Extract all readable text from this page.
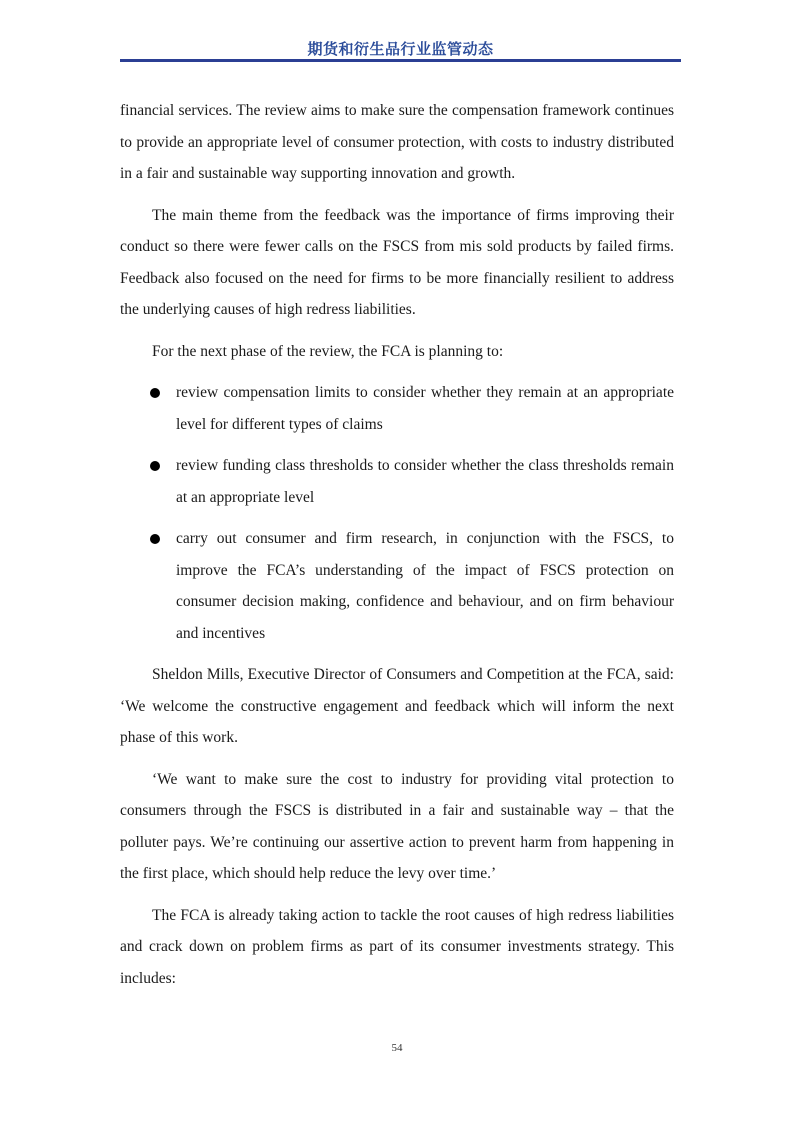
期货和衍生品行业监管动态

financial services. The review aims to make sure the compensation framework continues to provide an appropriate level of consumer protection, with costs to industry distributed in a fair and sustainable way supporting innovation and growth.

The main theme from the feedback was the importance of firms improving their conduct so there were fewer calls on the FSCS from mis sold products by failed firms. Feedback also focused on the need for firms to be more financially resilient to address the underlying causes of high redress liabilities.

For the next phase of the review, the FCA is planning to:

review compensation limits to consider whether they remain at an appropriate level for different types of claims
review funding class thresholds to consider whether the class thresholds remain at an appropriate level
carry out consumer and firm research, in conjunction with the FSCS, to improve the FCA’s understanding of the impact of FSCS protection on consumer decision making, confidence and behaviour, and on firm behaviour and incentives

Sheldon Mills, Executive Director of Consumers and Competition at the FCA, said: ‘We welcome the constructive engagement and feedback which will inform the next phase of this work.

‘We want to make sure the cost to industry for providing vital protection to consumers through the FSCS is distributed in a fair and sustainable way – that the polluter pays. We’re continuing our assertive action to prevent harm from happening in the first place, which should help reduce the levy over time.’

The FCA is already taking action to tackle the root causes of high redress liabilities and crack down on problem firms as part of its consumer investments strategy. This includes:

54
